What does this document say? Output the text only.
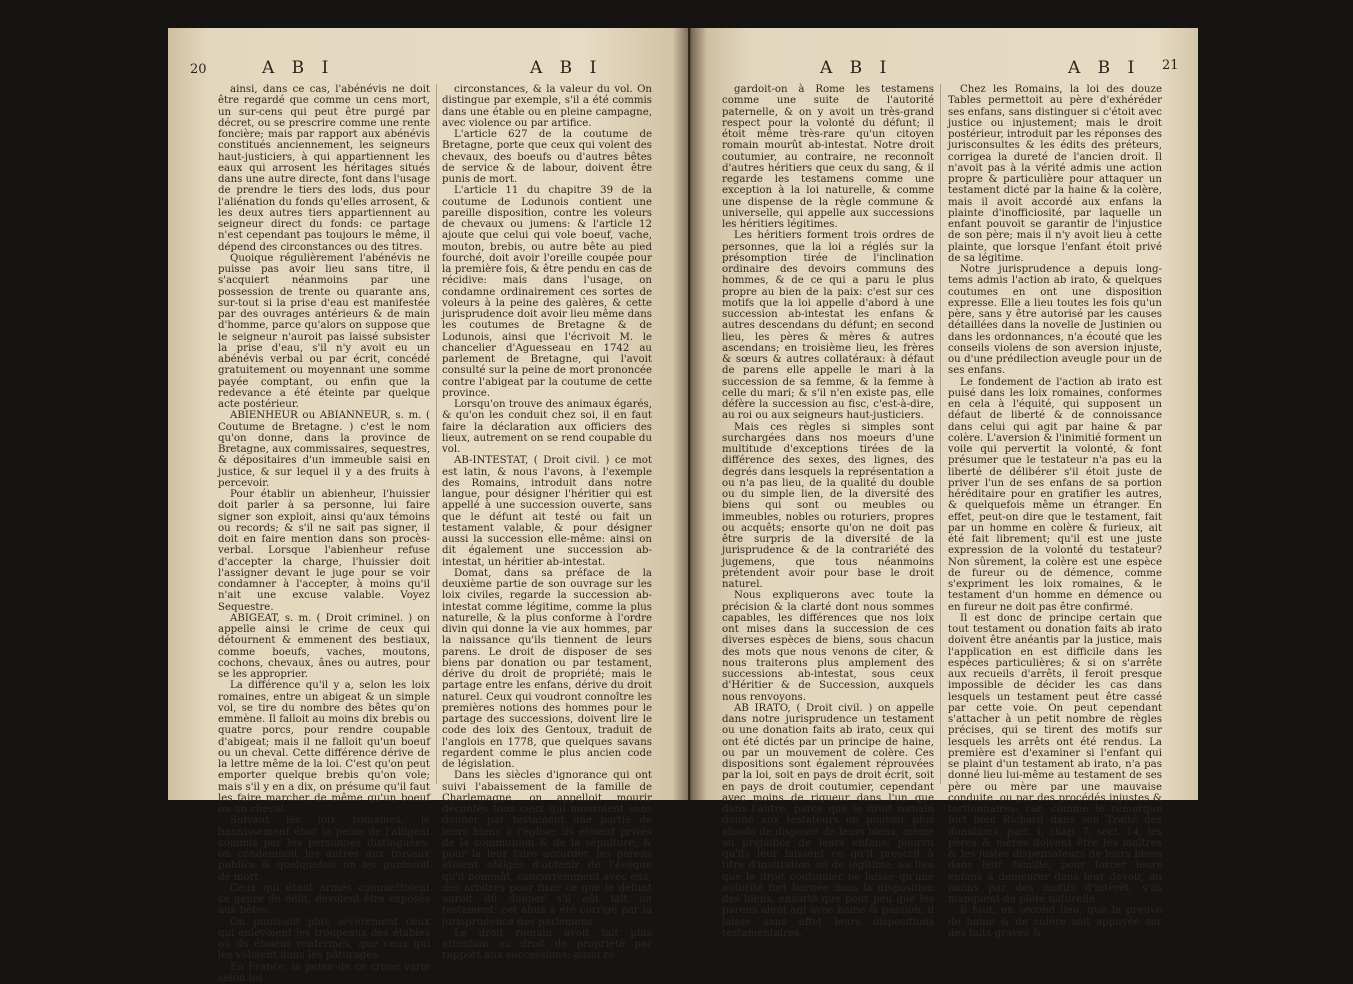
20	A B I	A B I

ainsi, dans ce cas, l'abénévis ne doit être regardé que comme un cens mort, un sur-cens qui peut être purgé par décret, ou se prescrire comme une rente foncière; mais par rapport aux abénévis constitués anciennement, les seigneurs haut-justiciers, à qui appartiennent les eaux qui arrosent les héritages situés dans une autre directe, font dans l'usage de prendre le tiers des lods, dus pour l'aliénation du fonds qu'elles arrosent, & les deux autres tiers appartiennent au seigneur direct du fonds: ce partage n'est cependant pas toujours le même, il dépend des circonstances ou des titres.

Quoique régulièrement l'abénévis ne puisse pas avoir lieu sans titre, il s'acquiert néanmoins par une possession de trente ou quarante ans, sur-tout si la prise d'eau est manifestée par des ouvrages antérieurs & de main d'homme, parce qu'alors on suppose que le seigneur n'auroit pas laissé subsister la prise d'eau, s'il n'y avoit eu un abénévis verbal ou par écrit, concédé gratuitement ou moyennant une somme payée comptant, ou enfin que la redevance a été éteinte par quelque acte postérieur.

ABIENHEUR ou ABIANNEUR, s. m. ( Coutume de Bretagne. ) c'est le nom qu'on donne, dans la province de Bretagne, aux commissaires, sequestres, & dépositaires d'un immeuble saisi en justice, & sur lequel il y a des fruits à percevoir.

Pour établir un abienheur, l'huissier doit parler à sa personne, lui faire signer son exploit, ainsi qu'aux témoins ou records; & s'il ne sait pas signer, il doit en faire mention dans son procès-verbal. Lorsque l'abienheur refuse d'accepter la charge, l'huissier doit l'assigner devant le juge pour se voir condamner à l'accepter, à moins qu'il n'ait une excuse valable. Voyez Sequestre.

ABIGEAT, s. m. ( Droit criminel. ) on appelle ainsi le crime de ceux qui détournent & emmenent des bestiaux, comme boeufs, vaches, moutons, cochons, chevaux, ânes ou autres, pour se les approprier.

La différence qu'il y a, selon les loix romaines, entre un abigeat & un simple vol, se tire du nombre des bêtes qu'on emmène. Il falloit au moins dix brebis ou quatre porcs, pour rendre coupable d'abigeat; mais il ne falloit qu'un boeuf ou un cheval. Cette différence dérive de la lettre même de la loi. C'est qu'on peut emporter quelque brebis qu'on vole; mais s'il y en a dix, on présume qu'il faut les faire marcher de même qu'un boeuf ou un cheval.

Suivant les loix romaines, le bannissement étoit la peine de l'abigeat commis par les personnes distinguées: on condamnoit les autres aux travaux publics & quelquefois on les punissoit de mort.

Ceux qui étant armés commettoient ce genre de délit, devoient être exposés aux bêtes.

On punissoit plus sévèrement ceux qui enlevoient les troupeaux des étables où ils étoient renfermés, que ceux qui les voloient dans les pâturages.

En France, la peine de ce crime varie selon les

circonstances, & la valeur du vol. On distingue par exemple, s'il a été commis dans une étable ou en pleine campagne, avec violence ou par artifice.

L'article 627 de la coutume de Bretagne, porte que ceux qui volent des chevaux, des boeufs ou d'autres bêtes de service & de labour, doivent être punis de mort.

L'article 11 du chapitre 39 de la coutume de Lodunois contient une pareille disposition, contre les voleurs de chevaux ou jumens: & l'article 12 ajoute que celui qui vole boeuf, vache, mouton, brebis, ou autre bête au pied fourché, doit avoir l'oreille coupée pour la première fois, & être pendu en cas de récidive: mais dans l'usage, on condamne ordinairement ces sortes de voleurs à la peine des galères, & cette jurisprudence doit avoir lieu même dans les coutumes de Bretagne & de Lodunois, ainsi que l'écrivoit M. le chancelier d'Aguesseau en 1742 au parlement de Bretagne, qui l'avoit consulté sur la peine de mort prononcée contre l'abigeat par la coutume de cette province.

Lorsqu'on trouve des animaux égarés, & qu'on les conduit chez soi, il en faut faire la déclaration aux officiers des lieux, autrement on se rend coupable du vol.

AB-INTESTAT, ( Droit civil. ) ce mot est latin, & nous l'avons, à l'exemple des Romains, introduit dans notre langue, pour désigner l'héritier qui est appellé à une succession ouverte, sans que le défunt ait testé ou fait un testament valable, & pour désigner aussi la succession elle-même: ainsi on dit également une succession ab-intestat, un héritier ab-intestat.

Domat, dans sa préface de la deuxième partie de son ouvrage sur les loix civiles, regarde la succession ab-intestat comme légitime, comme la plus naturelle, & la plus conforme à l'ordre divin qui donne la vie aux hommes, par la naissance qu'ils tiennent de leurs parens. Le droit de disposer de ses biens par donation ou par testament, dérive du droit de propriété; mais le partage entre les enfans, dérive du droit naturel. Ceux qui voudront connoître les premières notions des hommes pour le partage des successions, doivent lire le code des loix des Gentoux, traduit de l'anglois en 1778, que quelques savans regardent comme le plus ancien code de législation.

Dans les siècles d'ignorance qui ont suivi l'abaissement de la famille de Charlemagne, on appelloit mourir déconfés tous ceux qui mouroient sans donner par testament une partie de leurs biens à l'église; ils étoient privés de la communion & de la sépulture; & pour la leur faire accorder, les parens étoient obligés d'obtenir de l'évêque qu'il nommât, concurremment avec eux, des arbitres pour fixer ce que le défunt auroit dû donner s'il eût fait un testament: cet abus a été corrigé par la jurisprudence des parlemens.

Le droit romain avoit fait plus attention au droit de propriété par rapport aux successions; aussi re-

A B I	A B I 21

gardoit-on à Rome les testamens comme une suite de l'autorité paternelle, & on y avoit un très-grand respect pour la volonté du défunt; il étoit même très-rare qu'un citoyen romain mourût ab-intestat. Notre droit coutumier, au contraire, ne reconnoît d'autres héritiers que ceux du sang, & il regarde les testamens comme une exception à la loi naturelle, & comme une dispense de la règle commune & universelle, qui appelle aux successions les héritiers légitimes.

Les héritiers forment trois ordres de personnes, que la loi a réglés sur la présomption tirée de l'inclination ordinaire des devoirs communs des hommes, & de ce qui a paru le plus propre au bien de la paix: c'est sur ces motifs que la loi appelle d'abord à une succession ab-intestat les enfans & autres descendans du défunt; en second lieu, les pères & mères & autres ascendans; en troisième lieu, les frères & sœurs & autres collatéraux: à défaut de parens elle appelle le mari à la succession de sa femme, & la femme à celle du mari; & s'il n'en existe pas, elle défère la succession au fisc, c'est-à-dire, au roi ou aux seigneurs haut-justiciers.

Mais ces règles si simples sont surchargées dans nos moeurs d'une multitude d'exceptions tirées de la différence des sexes, des lignes, des degrés dans lesquels la représentation a ou n'a pas lieu, de la qualité du double ou du simple lien, de la diversité des biens qui sont ou meubles ou immeubles, nobles ou roturiers, propres ou acquêts; ensorte qu'on ne doit pas être surpris de la diversité de la jurisprudence & de la contrariété des jugemens, que tous néanmoins prétendent avoir pour base le droit naturel.

Nous expliquerons avec toute la précision & la clarté dont nous sommes capables, les différences que nos loix ont mises dans la succession de ces diverses espèces de biens, sous chacun des mots que nous venons de citer, & nous traiterons plus amplement des successions ab-intestat, sous ceux d'Héritier & de Succession, auxquels nous renvoyons.

AB IRATO, ( Droit civil. ) on appelle dans notre jurisprudence un testament ou une donation faits ab irato, ceux qui ont été dictés par un principe de haine, ou par un mouvement de colère. Ces dispositions sont également réprouvées par la loi, soit en pays de droit écrit, soit en pays de droit coutumier, cependant avec moins de rigueur dans l'un que dans l'autre, parce que le droit romain donne aux testateurs un pouvoir plus absolu de disposer de leurs biens, même au préjudice de leurs enfans, pourvu qu'ils leur laissent ce qu'il prescrit à titre d'institution ou de légitime; au lieu que le droit coutumier ne laisse qu'une autorité fort bornée dans la disposition des biens, ensorte que pour peu que les parens aient agi avec haine & passion, il laisse sans effet leurs dispositions testamentaires.

Chez les Romains, la loi des douze Tables permettoit au père d'exhéréder ses enfans, sans distinguer si c'étoit avec justice ou injustement; mais le droit postérieur, introduit par les réponses des jurisconsultes & les édits des préteurs, corrigea la dureté de l'ancien droit. Il n'avoit pas à la vérité admis une action propre & particulière pour attaquer un testament dicté par la haine & la colère, mais il avoit accordé aux enfans la plainte d'inofficiosité, par laquelle un enfant pouvoit se garantir de l'injustice de son père; mais il n'y avoit lieu à cette plainte, que lorsque l'enfant étoit privé de sa légitime.

Notre jurisprudence a depuis long-tems admis l'action ab irato, & quelques coutumes en ont une disposition expresse. Elle a lieu toutes les fois qu'un père, sans y être autorisé par les causes détaillées dans la novelle de Justinien ou dans les ordonnances, n'a écouté que les conseils violens de son aversion injuste, ou d'une prédilection aveugle pour un de ses enfans.

Le fondement de l'action ab irato est puisé dans les loix romaines, conformes en cela à l'équité, qui supposent un défaut de liberté & de connoissance dans celui qui agit par haine & par colère. L'aversion & l'inimitié forment un voile qui pervertit la volonté, & font présumer que le testateur n'a pas eu la liberté de délibérer s'il étoit juste de priver l'un de ses enfans de sa portion héréditaire pour en gratifier les autres, & quelquefois même un étranger. En effet, peut-on dire que le testament, fait par un homme en colère & furieux, ait été fait librement; qu'il est une juste expression de la volonté du testateur? Non sûrement, la colère est une espèce de fureur ou de démence, comme s'expriment les loix romaines, & le testament d'un homme en démence ou en fureur ne doit pas être confirmé.

Il est donc de principe certain que tout testament ou donation faits ab irato doivent être anéantis par la justice, mais l'application en est difficile dans les espèces particulières; & si on s'arrête aux recueils d'arrêts, il feroit presque impossible de décider les cas dans lesquels un testament peut être cassé par cette voie. On peut cependant s'attacher à un petit nombre de règles précises, qui se tirent des motifs sur lesquels les arrêts ont été rendus. La première est d'examiner si l'enfant qui se plaint d'un testament ab irato, n'a pas donné lieu lui-même au testament de ses père ou mère par une mauvaise conduite, ou par des procédés injustes & tortionnaires: car, comme le remarque fort bien Richard dans son Traité des donations, part. I, chap. 7, sect. 14, les pères & mères doivent être les maîtres & les justes dispensateurs de leurs biens dans leur famille, pour forcer leurs enfans à demeurer dans leur devoir, au moins par des motifs d'intérêt, s'ils manquent de piété naturelle.

Il faut, en second lieu, que la preuve de haine & de colère soit appuyée sur des faits graves &
